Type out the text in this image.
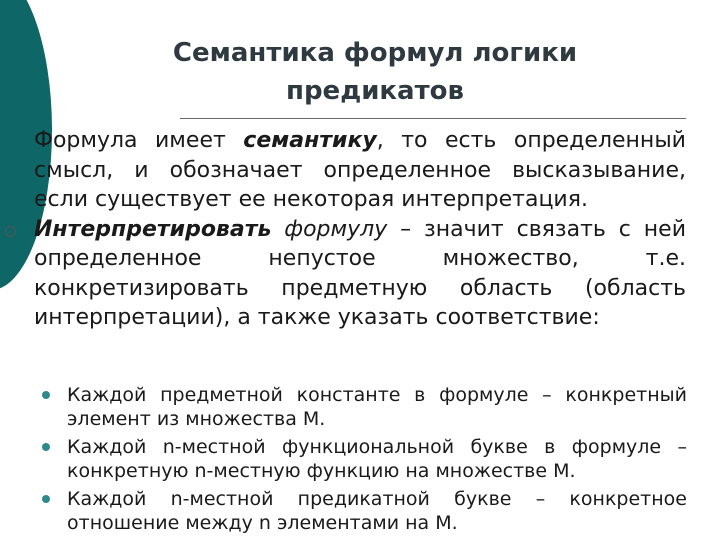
Семантика формул логики
предикатов
Формула имеет семантику, то есть определенный смысл, и обозначает определенное высказывание, если существует ее некоторая интерпретация.
Интерпретировать формулу – значит связать с ней определенное непустое множество, т.е. конкретизировать предметную область (область интерпретации), а также указать соответствие:
Каждой предметной константе в формуле – конкретный элемент из множества М.
Каждой n-местной функциональной букве в формуле – конкретную n-местную функцию на множестве М.
Каждой n-местной предикатной букве – конкретное отношение между n элементами на М.
